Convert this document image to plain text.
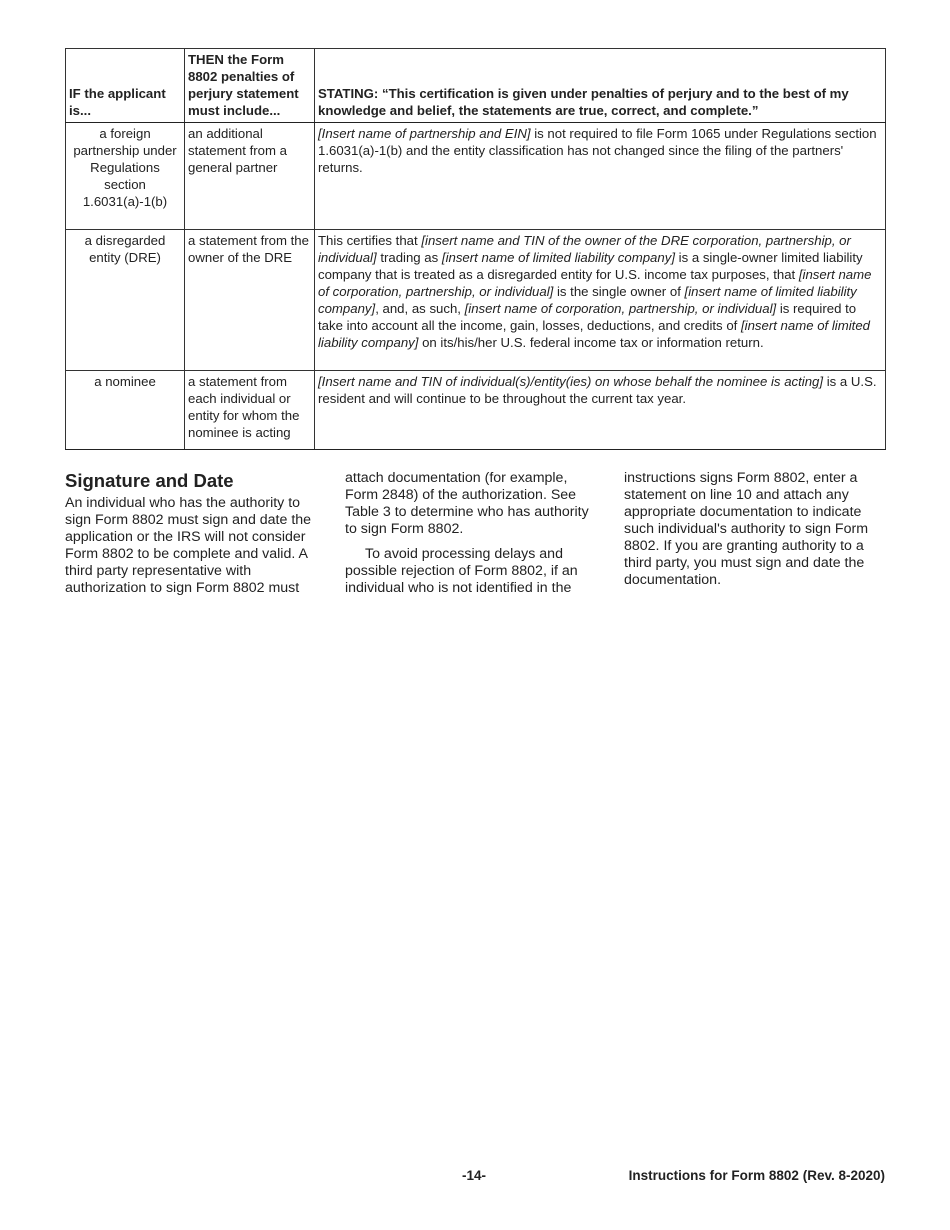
IF the applicant is...	THEN the Form 8802 penalties of perjury statement must include...	STATING: “This certification is given under penalties of perjury and to the best of my knowledge and belief, the statements are true, correct, and complete.”
a foreign partnership under Regulations section 1.6031(a)-1(b)	an additional statement from a general partner	[Insert name of partnership and EIN] is not required to file Form 1065 under Regulations section 1.6031(a)-1(b) and the entity classification has not changed since the filing of the partners' returns.
a disregarded entity (DRE)	a statement from the owner of the DRE	This certifies that [insert name and TIN of the owner of the DRE corporation, partnership, or individual] trading as [insert name of limited liability company] is a single-owner limited liability company that is treated as a disregarded entity for U.S. income tax purposes, that [insert name of corporation, partnership, or individual] is the single owner of [insert name of limited liability company], and, as such, [insert name of corporation, partnership, or individual] is required to take into account all the income, gain, losses, deductions, and credits of [insert name of limited liability company] on its/his/her U.S. federal income tax or information return.
a nominee	a statement from each individual or entity for whom the nominee is acting	[Insert name and TIN of individual(s)/entity(ies) on whose behalf the nominee is acting] is a U.S. resident and will continue to be throughout the current tax year.
Signature and Date

An individual who has the authority to sign Form 8802 must sign and date the application or the IRS will not consider Form 8802 to be complete and valid. A third party representative with authorization to sign Form 8802 must

attach documentation (for example, Form 2848) of the authorization. See Table 3 to determine who has authority to sign Form 8802.

To avoid processing delays and possible rejection of Form 8802, if an individual who is not identified in the

instructions signs Form 8802, enter a statement on line 10 and attach any appropriate documentation to indicate such individual's authority to sign Form 8802. If you are granting authority to a third party, you must sign and date the documentation.

-14-	Instructions for Form 8802 (Rev. 8-2020)
